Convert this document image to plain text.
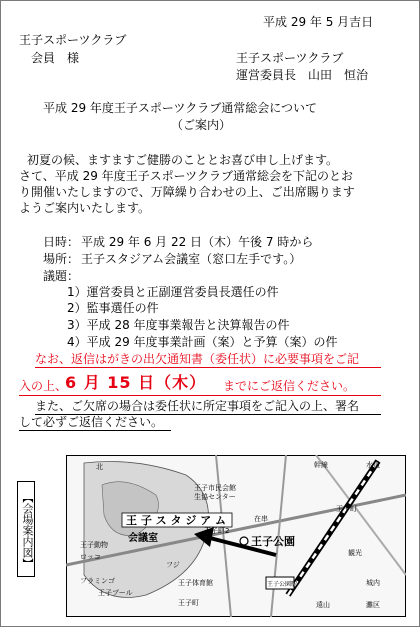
平成 29 年 5 月吉日

王子スポーツクラブ

会員　様	王子スポーツクラブ

運営委員長　山田　恒治

平成 29 年度王子スポーツクラブ通常総会について

（ご案内）

初夏の候、ますますご健勝のこととお喜び申し上げます。

さて、平成 29 年度王子スポーツクラブ通常総会を下記のとお

り開催いたしますので、万障繰り合わせの上、ご出席賜ります

ようご案内いたします。

日時： 平成 29 年 6 月 22 日（木）午後 7 時から

場所： 王子スタジアム会議室（窓口左手です。）

議題：

1）運営委員と正副運営委員長選任の件

2）監事選任の件

3）平成 28 年度事業報告と決算報告の件

4）平成 29 年度事業計画（案）と予算（案）の件

なお、返信はがきの出欠通知書（委任状）に必要事項をご記

入の上、

6 月 15 日（木） までにご返信ください。

また、ご欠席の場合は委任状に所定事項をご記入の上、署名

して必ずご返信ください。

【会場案内図】	王 子 ス タ ジ ア ム
会議室	王子公園
北	水道
幹線
王子市民会館
生協センター
王子町2
王子町
王子動物
ロッコ
フラミンゴ
王子プール
フジ
王子体育館
王子町
王子公園駅
観光
城内
遠山	灘区
在串
